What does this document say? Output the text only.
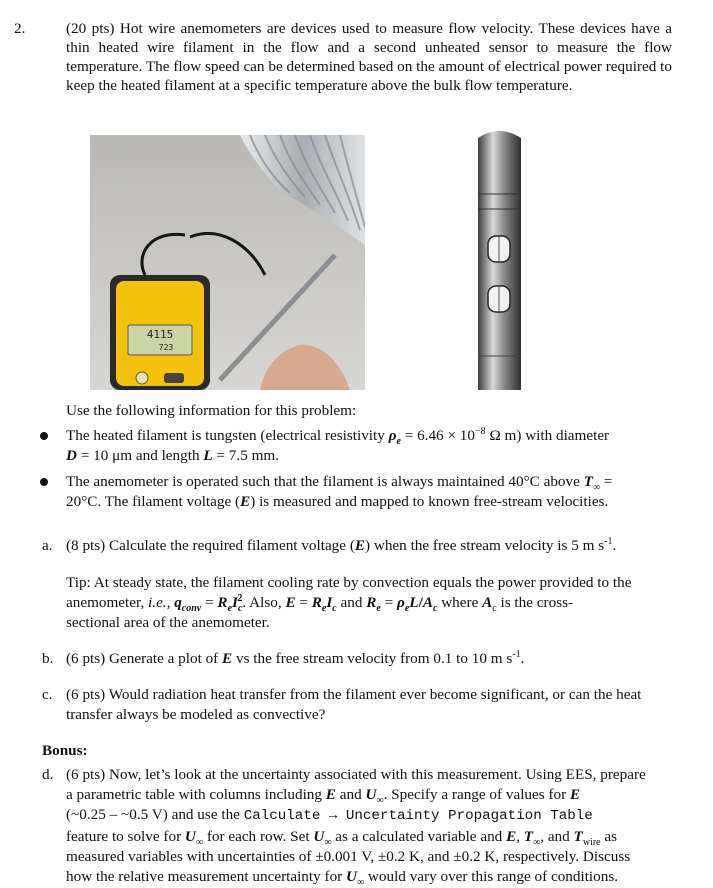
2.	(20 pts) Hot wire anemometers are devices used to measure flow velocity. These devices have a thin heated wire filament in the flow and a second unheated sensor to measure the flow temperature. The flow speed can be determined based on the amount of electrical power required to keep the heated filament at a specific temperature above the bulk flow temperature.
4115
723
Use the following information for this problem:
The heated filament is tungsten (electrical resistivity $\rho_e = 6.46 \times 10^{-8}$ Ω m) with diameter
D = 10 μm and length L = 7.5 mm.
The anemometer is operated such that the filament is always maintained 40°C above $T_\infty$ =
20°C. The filament voltage (E) is measured and mapped to known free-stream velocities.
a. (8 pts) Calculate the required filament voltage (E) when the free stream velocity is 5 m $s^{-1}$.
Tip: At steady state, the filament cooling rate by convection equals the power provided to the
anemometer, i.e., $q_{conv} = R_eI_c^2$. Also, $E = R_eI_c$ and $R_e = \rho_eL/A_c$ where $A_c$ is the cross-
sectional area of the anemometer.
b. (6 pts) Generate a plot of E vs the free stream velocity from 0.1 to 10 m $s^{-1}$.
c. (6 pts) Would radiation heat transfer from the filament ever become significant, or can the heat
transfer always be modeled as convective?
Bonus:
d. (6 pts) Now, let’s look at the uncertainty associated with this measurement. Using EES, prepare
a parametric table with columns including E and $U_\infty$. Specify a range of values for E
(~0.25 – ~0.5 V) and use the Calculate → Uncertainty Propagation Table
feature to solve for $U_\infty$ for each row. Set $U_\infty$ as a calculated variable and E, $T_\infty$, and $T_{wire}$ as
measured variables with uncertainties of ±0.001 V, ±0.2 K, and ±0.2 K, respectively. Discuss
how the relative measurement uncertainty for $U_\infty$ would vary over this range of conditions.
